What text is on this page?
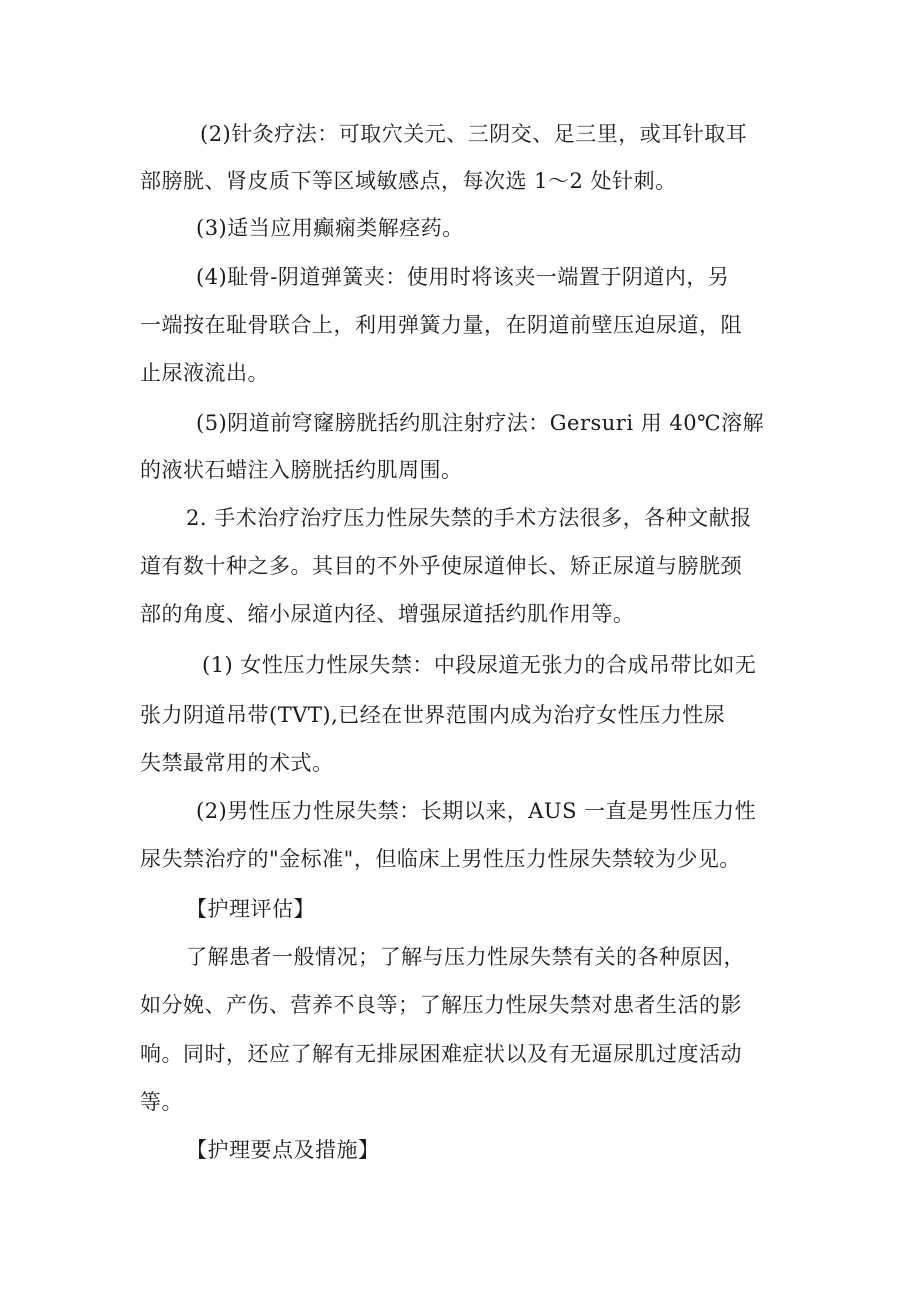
(2)针灸疗法：可取穴关元、三阴交、足三里，或耳针取耳
部膀胱、肾皮质下等区域敏感点，每次选 1～2 处针刺。
(3)适当应用癫痫类解痉药。
(4)耻骨-阴道弹簧夹：使用时将该夹一端置于阴道内，另
一端按在耻骨联合上，利用弹簧力量，在阴道前壁压迫尿道，阻
止尿液流出。
(5)阴道前穹窿膀胱括约肌注射疗法：Gersuri 用 40℃溶解
的液状石蜡注入膀胱括约肌周围。
2. 手术治疗治疗压力性尿失禁的手术方法很多，各种文献报
道有数十种之多。其目的不外乎使尿道伸长、矫正尿道与膀胱颈
部的角度、缩小尿道内径、增强尿道括约肌作用等。
(1) 女性压力性尿失禁：中段尿道无张力的合成吊带比如无
张力阴道吊带(TVT),已经在世界范围内成为治疗女性压力性尿
失禁最常用的术式。
(2)男性压力性尿失禁：长期以来，AUS 一直是男性压力性
尿失禁治疗的"金标准"，但临床上男性压力性尿失禁较为少见。
【护理评估】
了解患者一般情况；了解与压力性尿失禁有关的各种原因，
如分娩、产伤、营养不良等；了解压力性尿失禁对患者生活的影
响。同时，还应了解有无排尿困难症状以及有无逼尿肌过度活动
等。
【护理要点及措施】
